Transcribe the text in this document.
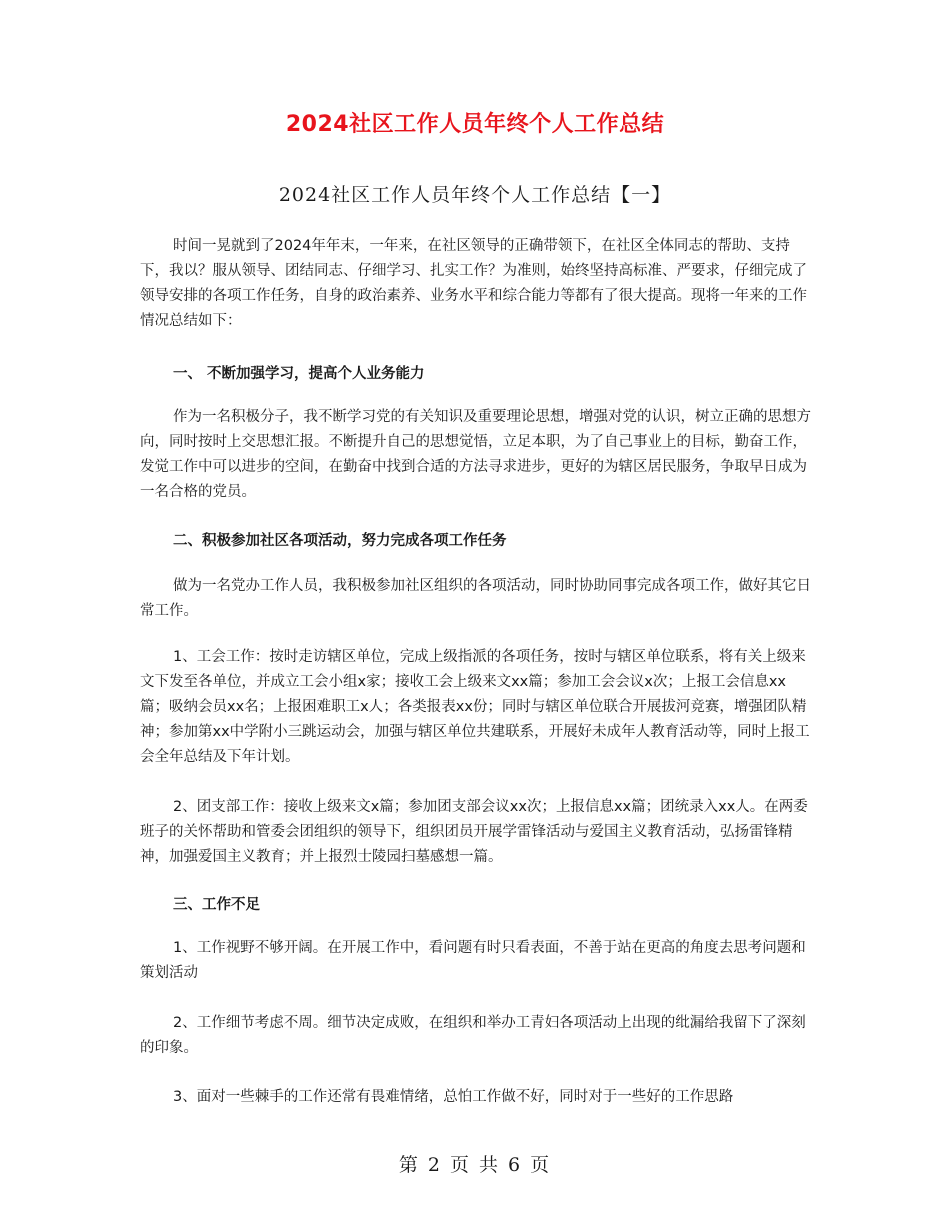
2024社区工作人员年终个人工作总结
2024社区工作人员年终个人工作总结【一】

时间一晃就到了2024年年末，一年来，在社区领导的正确带领下，在社区全体同志的帮助、支持下，我以？服从领导、团结同志、仔细学习、扎实工作？为准则，始终坚持高标准、严要求，仔细完成了领导安排的各项工作任务，自身的政治素养、业务水平和综合能力等都有了很大提高。现将一年来的工作情况总结如下：

一、 不断加强学习，提高个人业务能力

作为一名积极分子，我不断学习党的有关知识及重要理论思想，增强对党的认识，树立正确的思想方向，同时按时上交思想汇报。不断提升自己的思想觉悟，立足本职，为了自己事业上的目标，勤奋工作，发觉工作中可以进步的空间，在勤奋中找到合适的方法寻求进步，更好的为辖区居民服务，争取早日成为一名合格的党员。

二、积极参加社区各项活动，努力完成各项工作任务

做为一名党办工作人员，我积极参加社区组织的各项活动，同时协助同事完成各项工作，做好其它日常工作。

1、工会工作：按时走访辖区单位，完成上级指派的各项任务，按时与辖区单位联系，将有关上级来文下发至各单位，并成立工会小组x家；接收工会上级来文xx篇；参加工会会议x次；上报工会信息xx篇；吸纳会员xx名；上报困难职工x人；各类报表xx份；同时与辖区单位联合开展拔河竞赛，增强团队精神；参加第xx中学附小三跳运动会，加强与辖区单位共建联系，开展好未成年人教育活动等，同时上报工会全年总结及下年计划。

2、团支部工作：接收上级来文x篇；参加团支部会议xx次；上报信息xx篇；团统录入xx人。在两委班子的关怀帮助和管委会团组织的领导下，组织团员开展学雷锋活动与爱国主义教育活动，弘扬雷锋精神，加强爱国主义教育；并上报烈士陵园扫墓感想一篇。

三、工作不足

1、工作视野不够开阔。在开展工作中，看问题有时只看表面，不善于站在更高的角度去思考问题和策划活动

2、工作细节考虑不周。细节决定成败，在组织和举办工青妇各项活动上出现的纰漏给我留下了深刻的印象。

3、面对一些棘手的工作还常有畏难情绪，总怕工作做不好，同时对于一些好的工作思路

第 2 页 共 6 页
